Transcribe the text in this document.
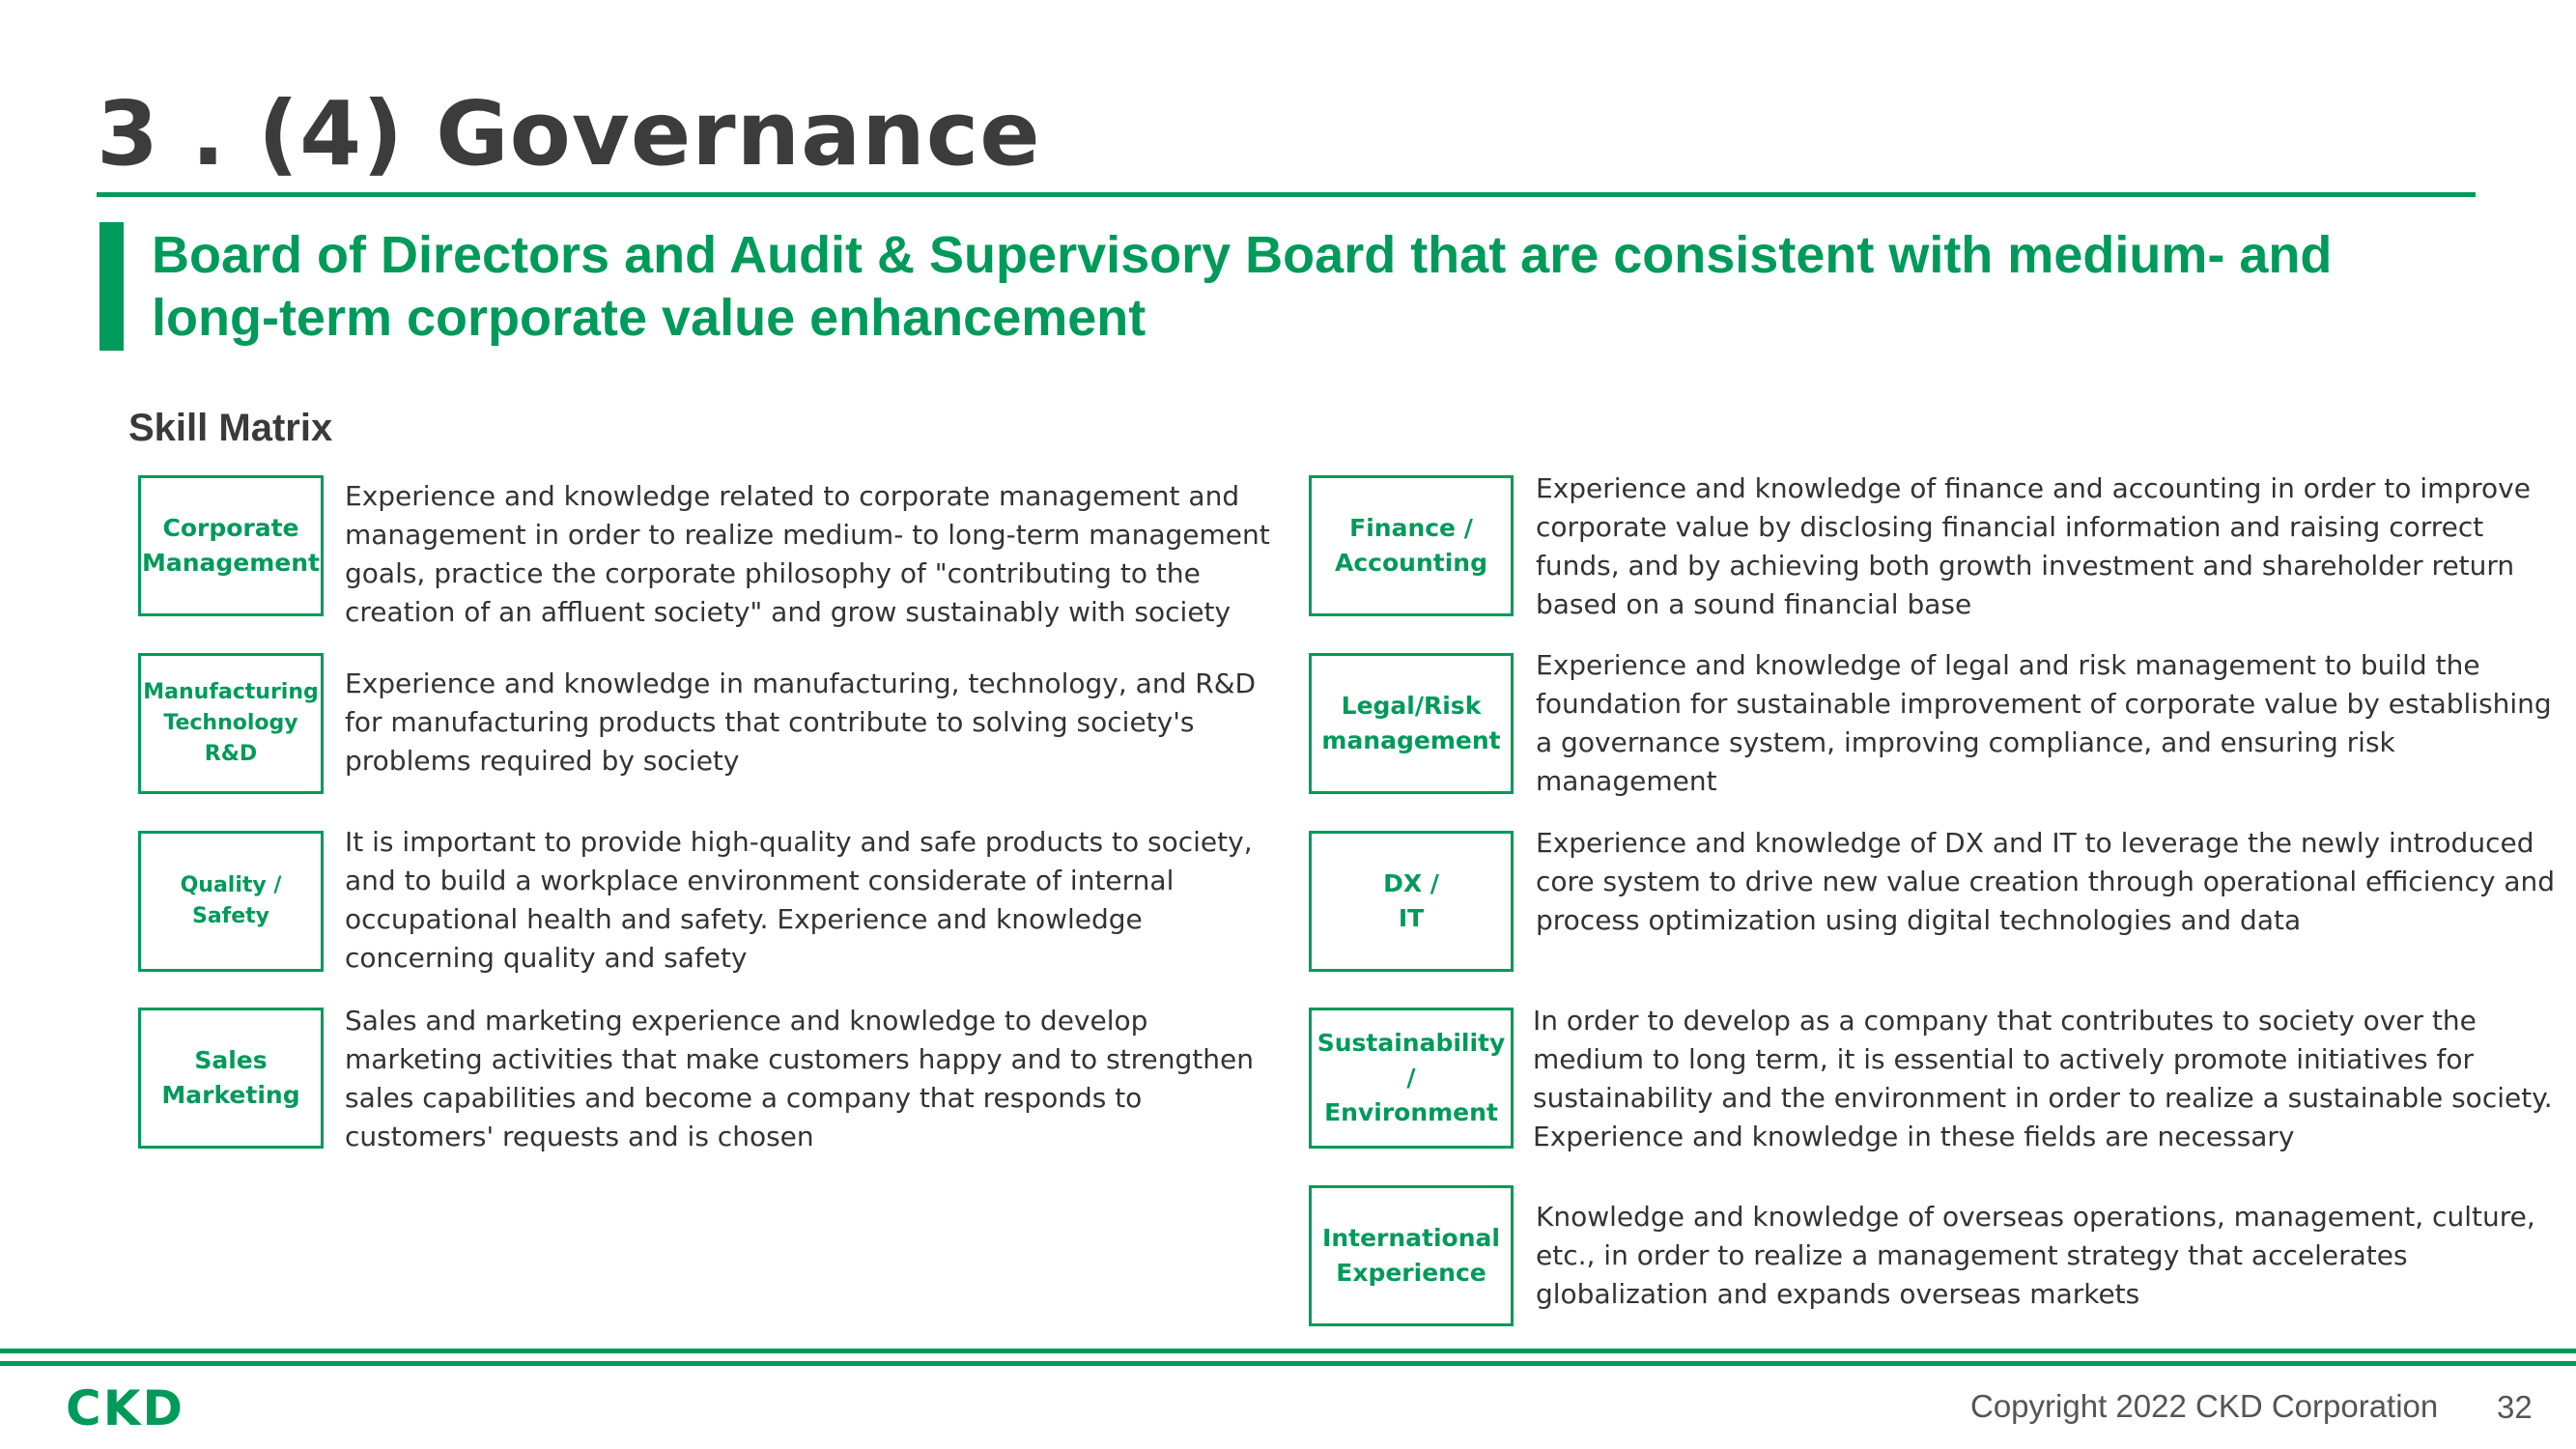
3 . (4) Governance
Board of Directors and Audit & Supervisory Board that are consistent with medium- and long-term corporate value enhancement
Skill Matrix
Corporate
Management
Experience and knowledge related to corporate management and management in order to realize medium- to long-term management goals, practice the corporate philosophy of "contributing to the creation of an affluent society" and grow sustainably with society
Manufacturing
Technology
R&D
Experience and knowledge in manufacturing, technology, and R&D for manufacturing products that contribute to solving society's problems required by society
Quality /
Safety
It is important to provide high-quality and safe products to society, and to build a workplace environment considerate of internal occupational health and safety. Experience and knowledge concerning quality and safety
Sales
Marketing
Sales and marketing experience and knowledge to develop marketing activities that make customers happy and to strengthen sales capabilities and become a company that responds to customers' requests and is chosen
Finance /
Accounting
Experience and knowledge of finance and accounting in order to improve corporate value by disclosing financial information and raising correct funds, and by achieving both growth investment and shareholder return based on a sound financial base
Legal/Risk
management
Experience and knowledge of legal and risk management to build the foundation for sustainable improvement of corporate value by establishing a governance system, improving compliance, and ensuring risk management
DX /
IT
Experience and knowledge of DX and IT to leverage the newly introduced core system to drive new value creation through operational efficiency and process optimization using digital technologies and data
Sustainability /
Environment
In order to develop as a company that contributes to society over the medium to long term, it is essential to actively promote initiatives for sustainability and the environment in order to realize a sustainable society. Experience and knowledge in these fields are necessary
International
Experience
Knowledge and knowledge of overseas operations, management, culture, etc., in order to realize a management strategy that accelerates globalization and expands overseas markets
CKD	Copyright 2022 CKD Corporation 32
